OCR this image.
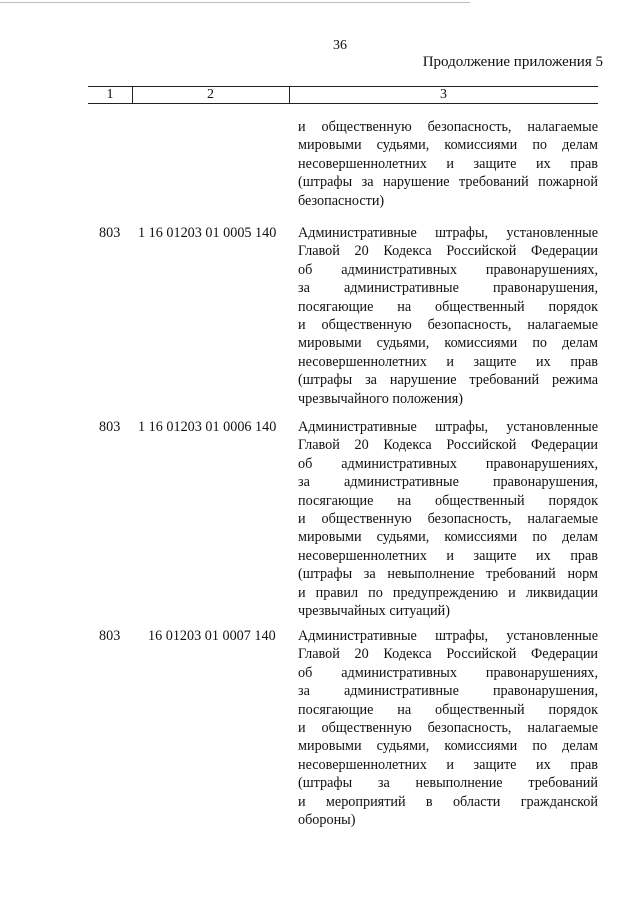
36
Продолжение приложения 5
1	2	3
и общественную безопасность, налагаемые
мировыми судьями, комиссиями по делам
несовершеннолетних и защите их прав
(штрафы за нарушение требований пожарной
безопасности)
803 1 16 01203 01 0005 140 Административные штрафы, установленные
Главой 20 Кодекса Российской Федерации
об административных правонарушениях,
за административные правонарушения,
посягающие на общественный порядок
и общественную безопасность, налагаемые
мировыми судьями, комиссиями по делам
несовершеннолетних и защите их прав
(штрафы за нарушение требований режима
чрезвычайного положения)
803 1 16 01203 01 0006 140 Административные штрафы, установленные
Главой 20 Кодекса Российской Федерации
об административных правонарушениях,
за административные правонарушения,
посягающие на общественный порядок
и общественную безопасность, налагаемые
мировыми судьями, комиссиями по делам
несовершеннолетних и защите их прав
(штрафы за невыполнение требований норм
и правил по предупреждению и ликвидации
чрезвычайных ситуаций)
803 16 01203 01 0007 140 Административные штрафы, установленные
Главой 20 Кодекса Российской Федерации
об административных правонарушениях,
за административные правонарушения,
посягающие на общественный порядок
и общественную безопасность, налагаемые
мировыми судьями, комиссиями по делам
несовершеннолетних и защите их прав
(штрафы за невыполнение требований
и мероприятий в области гражданской
обороны)
